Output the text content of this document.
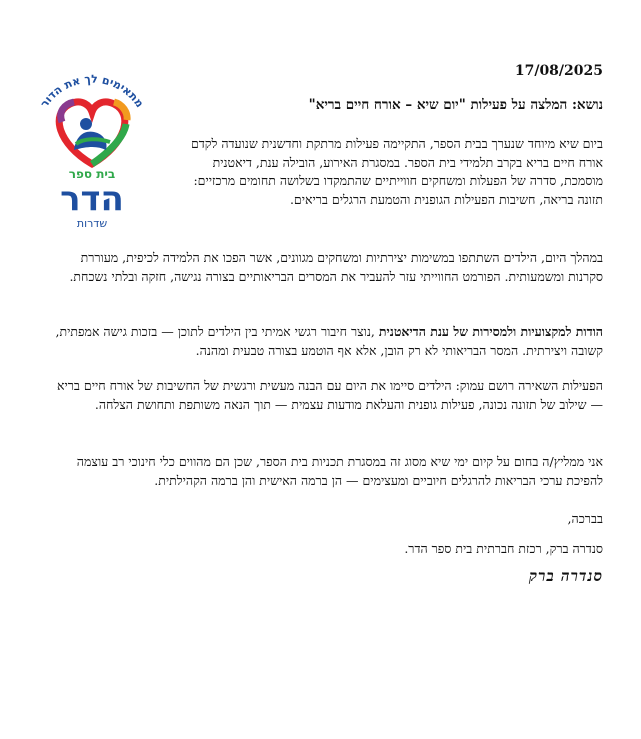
מתאימים לך את הדור
בית ספר
הדר
שדרות
17/08/2025
נושא: המלצה על פעילות "יום שיא – אורח חיים בריא"
ביום שיא מיוחד שנערך בבית הספר, התקיימה פעילות מרתקת וחדשנית שנועדה לקדם אורח חיים בריא בקרב תלמידי בית הספר. במסגרת האירוע, הובילה ענת, דיאטנית מוסמכת, סדרה של הפעלות ומשחקים חווייתיים שהתמקדו בשלושה תחומים מרכזיים: תזונה בריאה, חשיבות הפעילות הגופנית והטמעת הרגלים בריאים.
במהלך היום, הילדים השתתפו במשימות יצירתיות ומשחקים מגוונים, אשר הפכו את הלמידה לכיפית, מעוררת סקרנות ומשמעותית. הפורמט החווייתי עזר להעביר את המסרים הבריאותיים בצורה נגישה, חזקה ובלתי נשכחת.
הודות למקצועיות ולמסירות של ענת הדיאטנית ,נוצר חיבור רגשי אמיתי בין הילדים לתוכן — בזכות גישה אמפתית, קשובה ויצירתית. המסר הבריאותי לא רק הובן, אלא אף הוטמע בצורה טבעית ומהנה.
הפעילות השאירה רושם עמוק: הילדים סיימו את היום עם הבנה מעשית ורגשית של החשיבות של אורח חיים בריא — שילוב של תזונה נכונה, פעילות גופנית והעלאת מודעות עצמית — תוך הנאה משותפת ותחושת הצלחה.
אני ממליץ/ה בחום על קיום ימי שיא מסוג זה במסגרת תכניות בית הספר, שכן הם מהווים כלי חינוכי רב עוצמה להפיכת ערכי הבריאות להרגלים חיוביים ומעצימים — הן ברמה האישית והן ברמה הקהילתית.
בברכה,
סנדרה ברק, רכזת חברתית בית ספר הדר.
סנדרה ברק
